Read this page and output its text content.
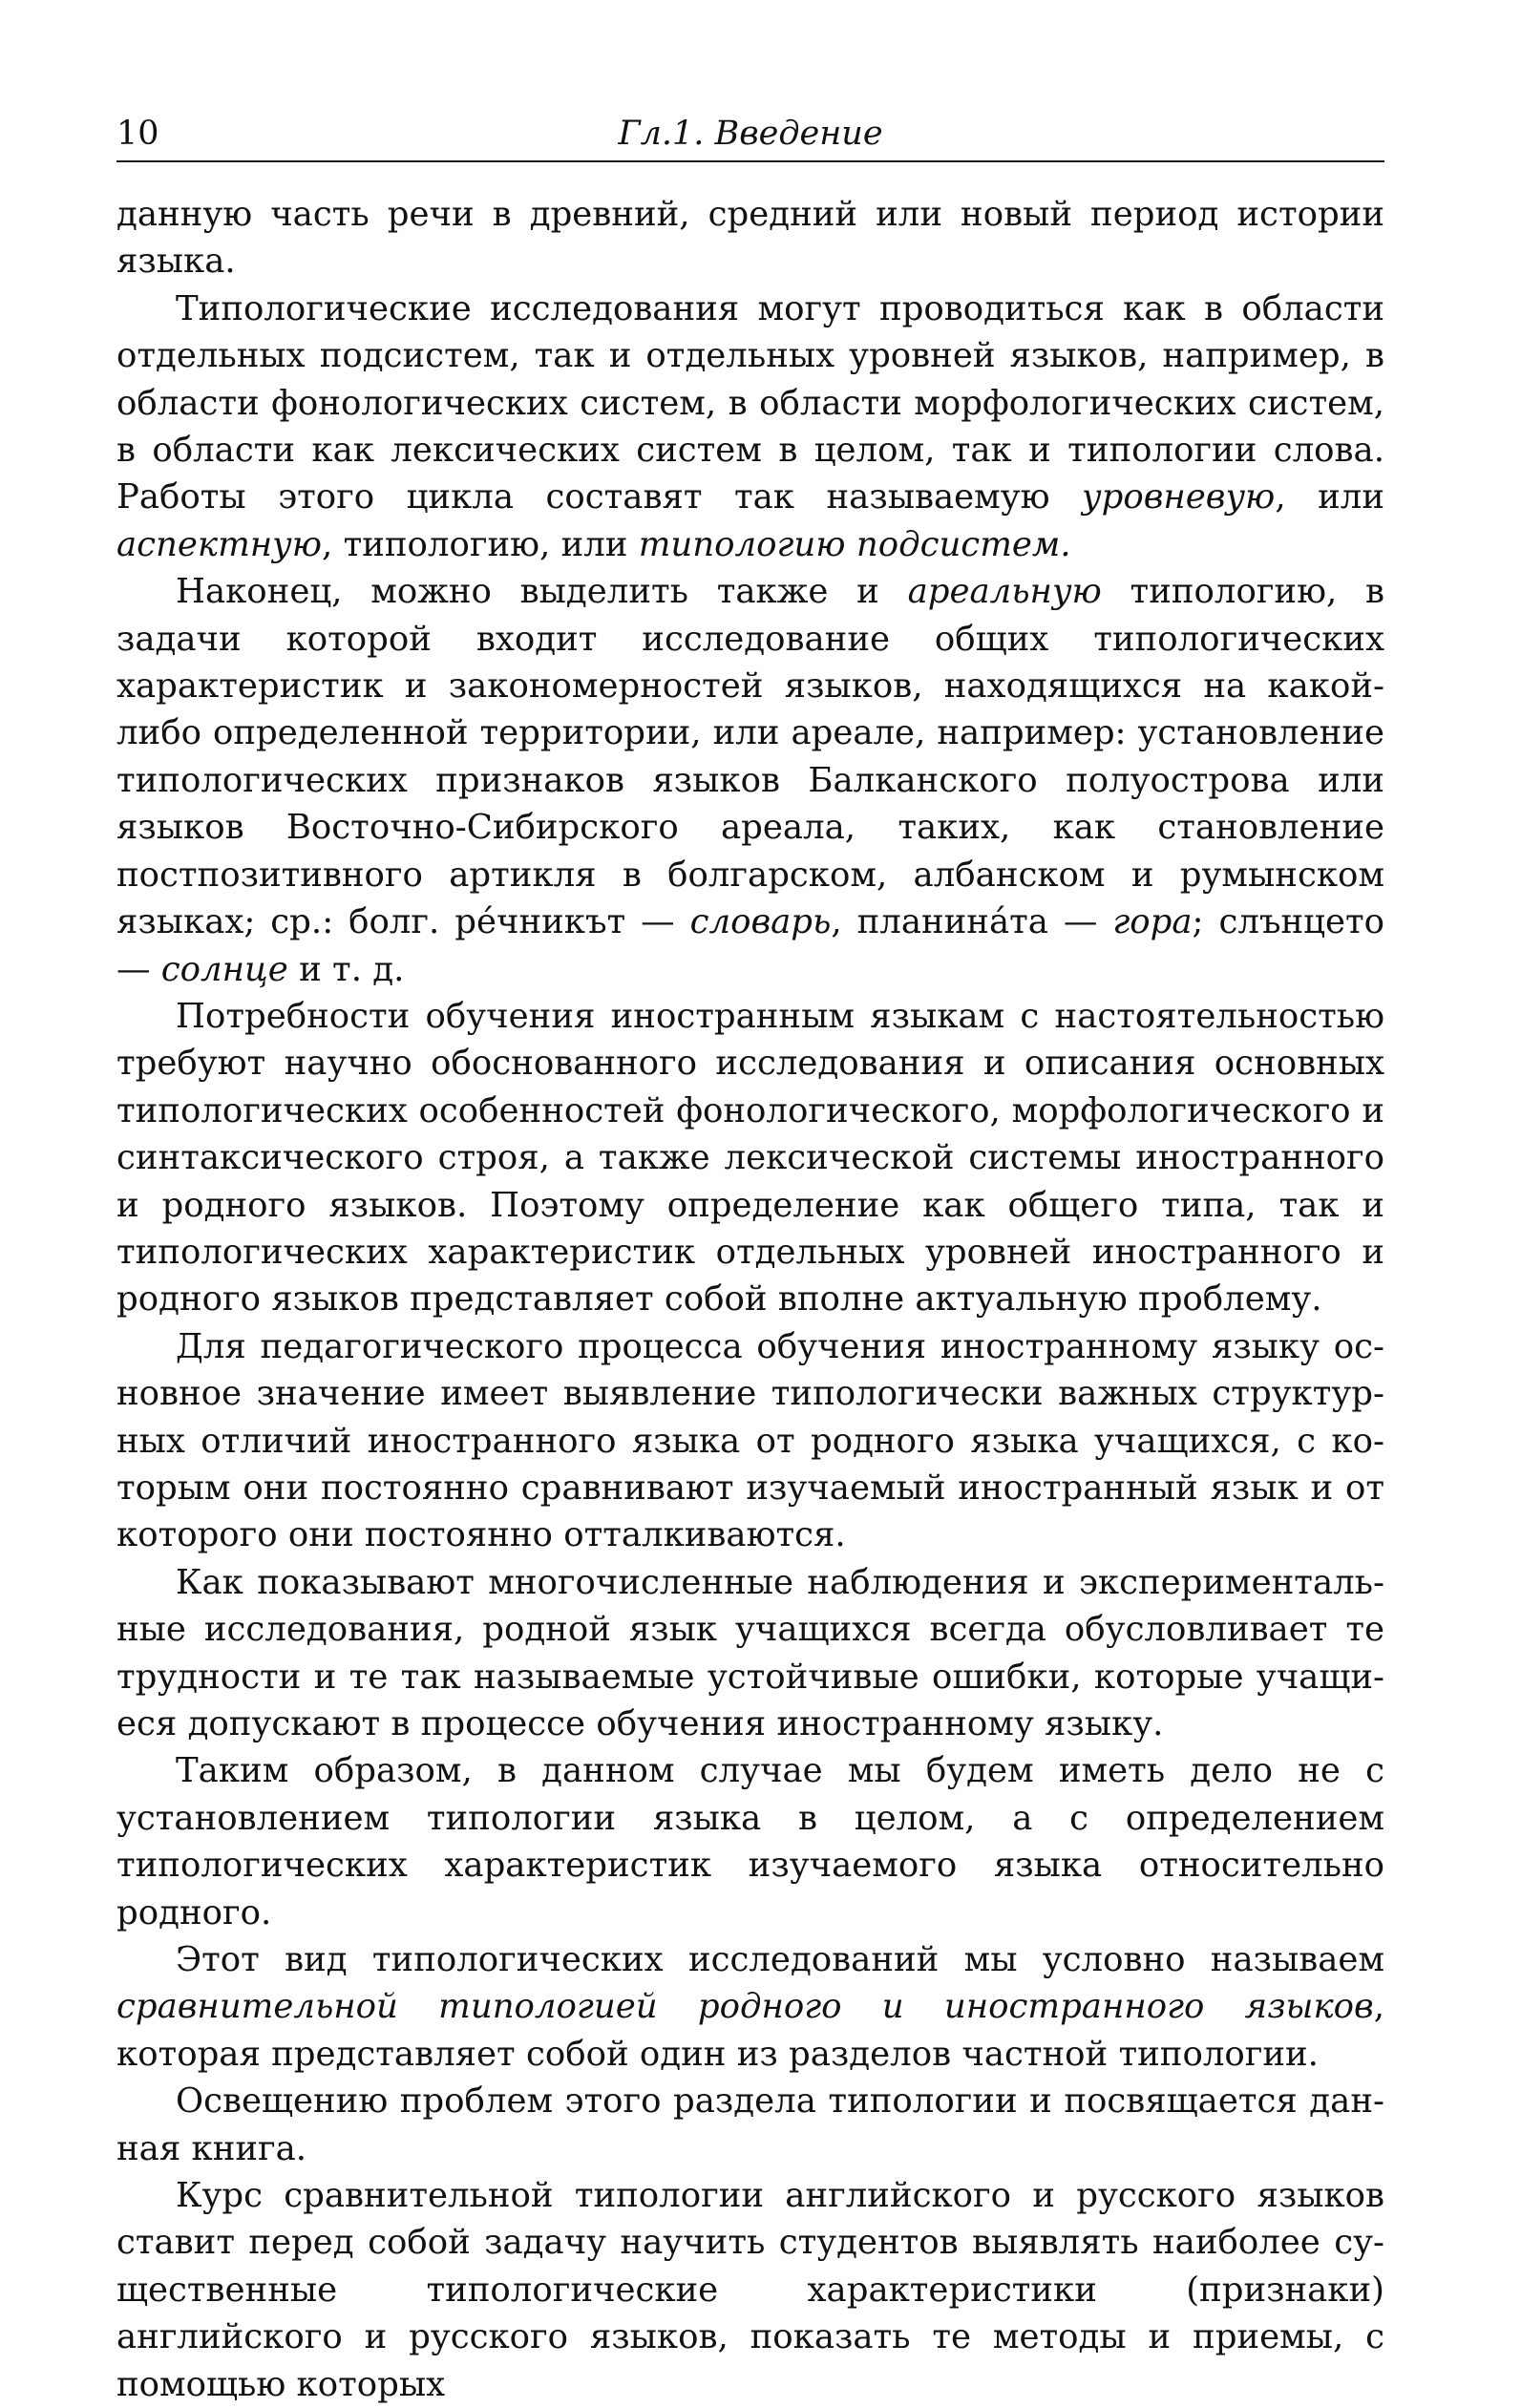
10	Гл.1. Введение

данную часть речи в древний, средний или новый период истории языка.

Типологические исследования могут проводиться как в области отдельных подсистем, так и отдельных уровней языков, например, в области фонологических систем, в области морфологических систем, в области как лексических систем в целом, так и типологии слова. Работы этого цикла составят так называемую уровневую, или аспектную, типологию, или типологию подсистем.

Наконец, можно выделить также и ареальную типологию, в задачи которой входит исследование общих типологических характеристик и закономерностей языков, находящихся на какой-либо определенной территории, или ареале, например: установление типологических признаков языков Балканского полуострова или языков Восточно-Сибирского ареала, таких, как становление постпозитивного артикля в болгарском, албанском и румынском языках; ср.: болг. ре́чникът — словарь, планина́та — гора; слънцето — солнце и т. д.

Потребности обучения иностранным языкам с настоятельностью требуют научно обоснованного исследования и описания основных типологических особенностей фонологического, морфологического и синтаксического строя, а также лексической системы иностранного и родного языков. Поэтому определение как общего типа, так и типологических характеристик отдельных уровней иностранного и родного языков представляет собой вполне актуальную проблему.

Для педагогического процесса обучения иностранному языку основное значение имеет выявление типологически важных структурных отличий иностранного языка от родного языка учащихся, с которым они постоянно сравнивают изучаемый иностранный язык и от которого они постоянно отталкиваются.

Как показывают многочисленные наблюдения и экспериментальные исследования, родной язык учащихся всегда обусловливает те трудности и те так называемые устойчивые ошибки, которые учащиеся допускают в процессе обучения иностранному языку.

Таким образом, в данном случае мы будем иметь дело не с установлением типологии языка в целом, а с определением типологических характеристик изучаемого языка относительно родного.

Этот вид типологических исследований мы условно называем сравнительной типологией родного и иностранного языков, которая представляет собой один из разделов частной типологии.

Освещению проблем этого раздела типологии и посвящается данная книга.

Курс сравнительной типологии английского и русского языков ставит перед собой задачу научить студентов выявлять наиболее существенные типологические характеристики (признаки) английского и русского языков, показать те методы и приемы, с помощью которых
